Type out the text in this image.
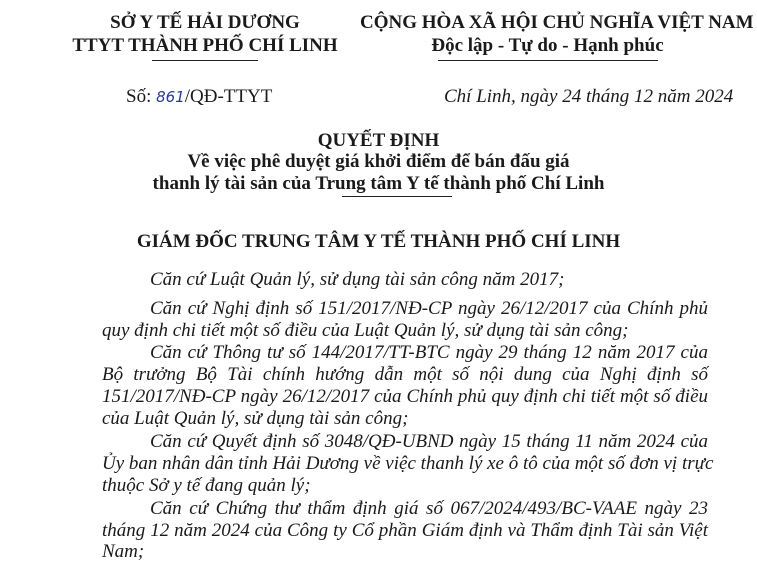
SỞ Y TẾ HẢI DƯƠNG
TTYT THÀNH PHỐ CHÍ LINH
CỘNG HÒA XÃ HỘI CHỦ NGHĨA VIỆT NAM
Độc lập - Tự do - Hạnh phúc
Số: 861/QĐ-TTYT	Chí Linh, ngày 24 tháng 12 năm 2024
QUYẾT ĐỊNH
Về việc phê duyệt giá khởi điểm để bán đấu giá
thanh lý tài sản của Trung tâm Y tế thành phố Chí Linh
GIÁM ĐỐC TRUNG TÂM Y TẾ THÀNH PHỐ CHÍ LINH
Căn cứ Luật Quản lý, sử dụng tài sản công năm 2017;
Căn cứ Nghị định số 151/2017/NĐ-CP ngày 26/12/2017 của Chính phủ
quy định chi tiết một số điều của Luật Quản lý, sử dụng tài sản công;
Căn cứ Thông tư số 144/2017/TT-BTC ngày 29 tháng 12 năm 2017 của
Bộ trưởng Bộ Tài chính hướng dẫn một số nội dung của Nghị định số
151/2017/NĐ-CP ngày 26/12/2017 của Chính phủ quy định chi tiết một số điều
của Luật Quản lý, sử dụng tài sản công;
Căn cứ Quyết định số 3048/QĐ-UBND ngày 15 tháng 11 năm 2024 của
Ủy ban nhân dân tỉnh Hải Dương về việc thanh lý xe ô tô của một số đơn vị trực
thuộc Sở y tế đang quản lý;
Căn cứ Chứng thư thẩm định giá số 067/2024/493/BC-VAAE ngày 23
tháng 12 năm 2024 của Công ty Cổ phần Giám định và Thẩm định Tài sản Việt
Nam;
